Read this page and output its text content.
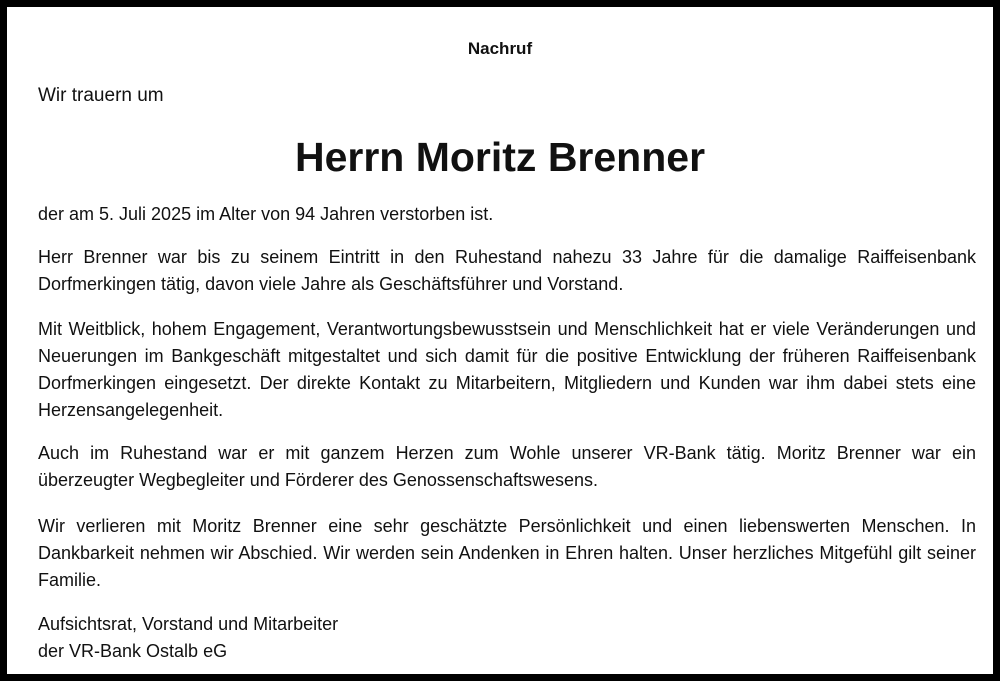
Nachruf
Wir trauern um
Herrn Moritz Brenner

der am 5. Juli 2025 im Alter von 94 Jahren verstorben ist.

Herr Brenner war bis zu seinem Eintritt in den Ruhestand nahezu 33 Jahre für die damalige Raiffeisenbank Dorfmerkingen tätig, davon viele Jahre als Geschäftsführer und Vorstand.

Mit Weitblick, hohem Engagement, Verantwortungsbewusstsein und Menschlichkeit hat er viele Veränderungen und Neuerungen im Bankgeschäft mitgestaltet und sich damit für die positive Entwicklung der früheren Raiffeisenbank Dorfmerkingen eingesetzt. Der direkte Kontakt zu Mitarbeitern, Mitgliedern und Kunden war ihm dabei stets eine Herzensangelegenheit.

Auch im Ruhestand war er mit ganzem Herzen zum Wohle unserer VR-Bank tätig. Moritz Brenner war ein überzeugter Wegbegleiter und Förderer des Genossenschaftswesens.

Wir verlieren mit Moritz Brenner eine sehr geschätzte Persönlichkeit und einen liebenswerten Menschen. In Dankbarkeit nehmen wir Abschied. Wir werden sein Andenken in Ehren halten. Unser herzliches Mitgefühl gilt seiner Familie.

Aufsichtsrat, Vorstand und Mitarbeiter
der VR-Bank Ostalb eG
